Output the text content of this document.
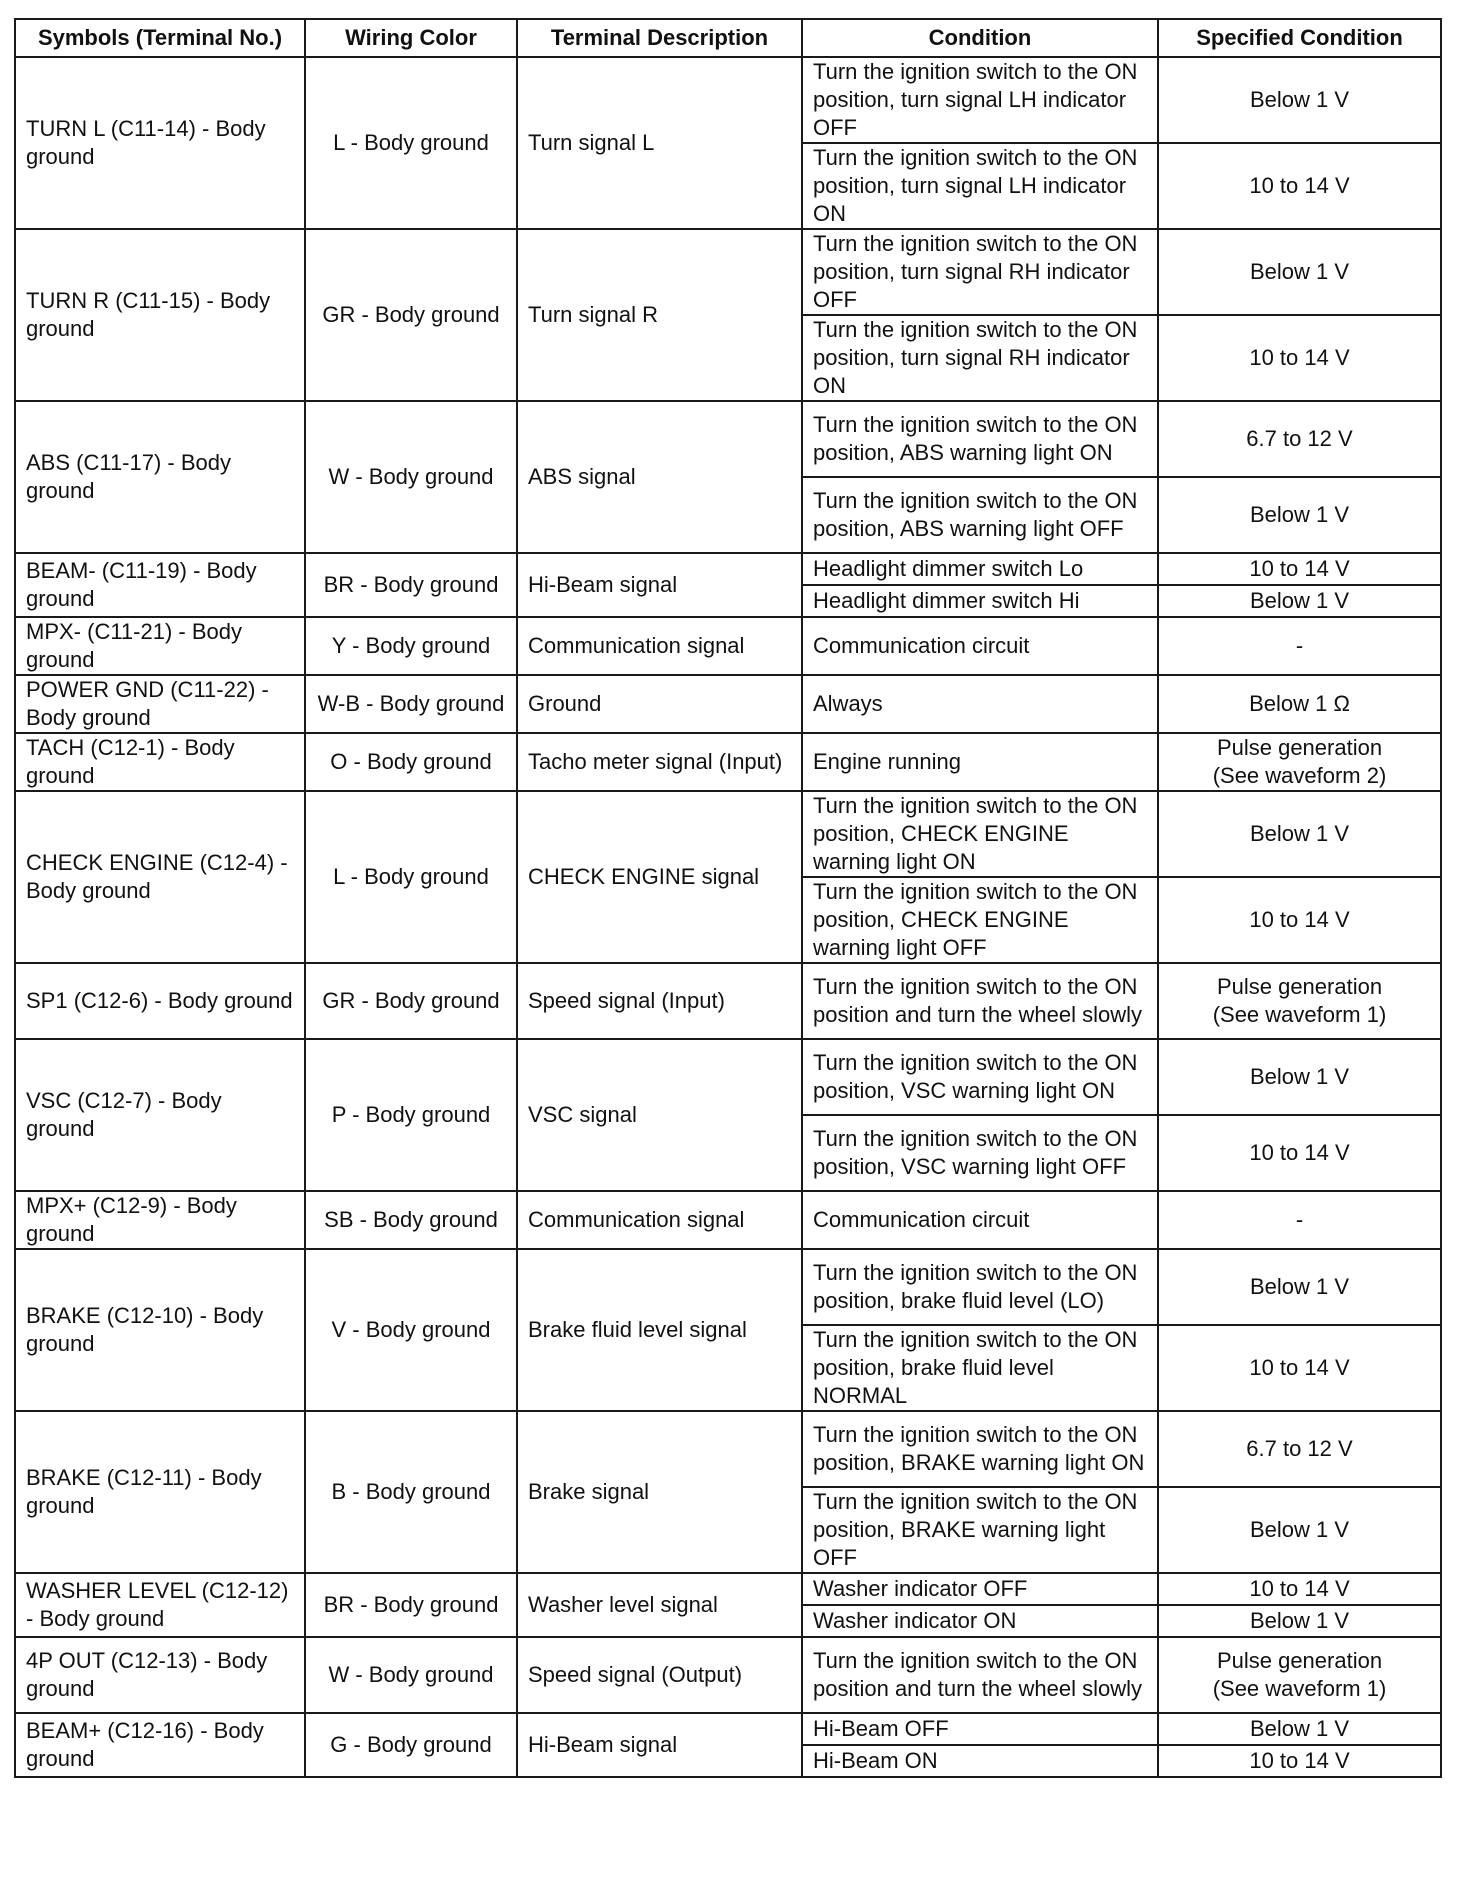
Symbols (Terminal No.)	Wiring Color	Terminal Description	Condition	Specified Condition
TURN L (C11-14) - Body ground	L - Body ground	Turn signal L	Turn the ignition switch to the ON position, turn signal LH indicator OFF	Below 1 V

			Turn the ignition switch to the ON position, turn signal LH indicator ON	10 to 14 V

TURN R (C11-15) - Body ground	GR - Body ground	Turn signal R	Turn the ignition switch to the ON position, turn signal RH indicator OFF	Below 1 V

			Turn the ignition switch to the ON position, turn signal RH indicator ON	10 to 14 V

ABS (C11-17) - Body ground	W - Body ground	ABS signal	Turn the ignition switch to the ON position, ABS warning light ON	6.7 to 12 V

			Turn the ignition switch to the ON position, ABS warning light OFF	Below 1 V

BEAM- (C11-19) - Body ground	BR - Body ground	Hi-Beam signal	Headlight dimmer switch Lo	10 to 14 V

			Headlight dimmer switch Hi	Below 1 V

MPX- (C11-21) - Body ground	Y - Body ground	Communication signal	Communication circuit	-

POWER GND (C11-22) - Body ground	W-B - Body ground	Ground	Always	Below 1 Ω

TACH (C12-1) - Body ground	O - Body ground	Tacho meter signal (Input)	Engine running	Pulse generation
(See waveform 2)

CHECK ENGINE (C12-4) - Body ground	L - Body ground	CHECK ENGINE signal	Turn the ignition switch to the ON position, CHECK ENGINE warning light ON	Below 1 V

			Turn the ignition switch to the ON position, CHECK ENGINE warning light OFF	10 to 14 V

SP1 (C12-6) - Body ground	GR - Body ground	Speed signal (Input)	Turn the ignition switch to the ON position and turn the wheel slowly	Pulse generation
(See waveform 1)

VSC (C12-7) - Body ground	P - Body ground	VSC signal	Turn the ignition switch to the ON position, VSC warning light ON	Below 1 V

			Turn the ignition switch to the ON position, VSC warning light OFF	10 to 14 V

MPX+ (C12-9) - Body ground	SB - Body ground	Communication signal	Communication circuit	-

BRAKE (C12-10) - Body ground	V - Body ground	Brake fluid level signal	Turn the ignition switch to the ON position, brake fluid level (LO)	Below 1 V

			Turn the ignition switch to the ON position, brake fluid level NORMAL	10 to 14 V

BRAKE (C12-11) - Body ground	B - Body ground	Brake signal	Turn the ignition switch to the ON position, BRAKE warning light ON	6.7 to 12 V

			Turn the ignition switch to the ON position, BRAKE warning light OFF	Below 1 V

WASHER LEVEL (C12-12) - Body ground	BR - Body ground	Washer level signal	Washer indicator OFF	10 to 14 V

			Washer indicator ON	Below 1 V

4P OUT (C12-13) - Body ground	W - Body ground	Speed signal (Output)	Turn the ignition switch to the ON position and turn the wheel slowly	Pulse generation
(See waveform 1)

BEAM+ (C12-16) - Body ground	G - Body ground	Hi-Beam signal	Hi-Beam OFF	Below 1 V

			Hi-Beam ON	10 to 14 V
